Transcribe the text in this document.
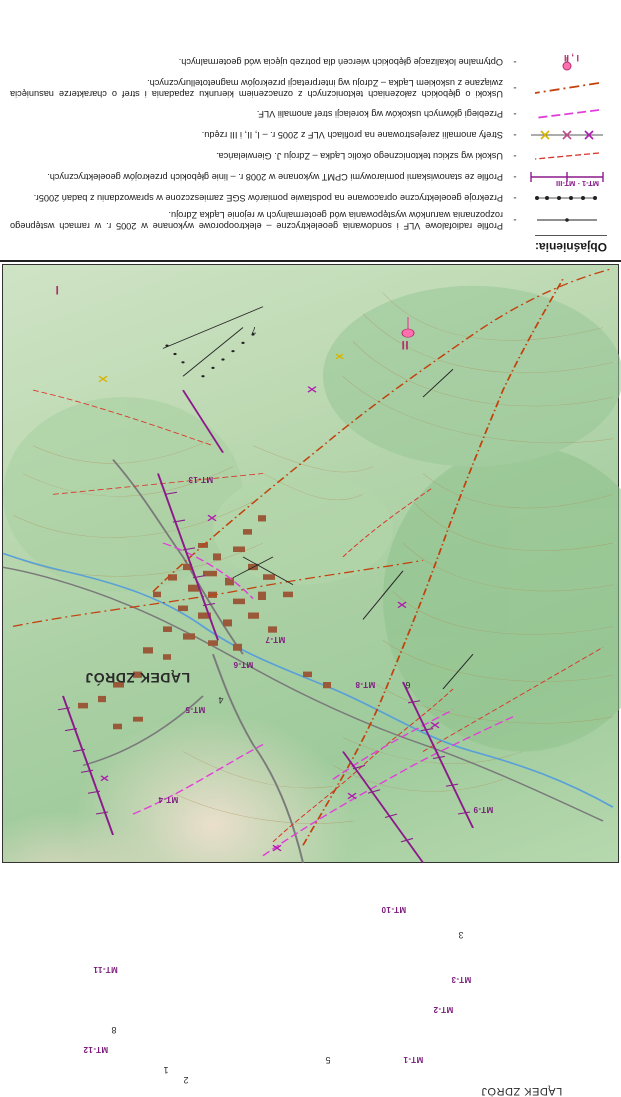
LĄDEK ZDRÓJ
LĄDEK ZDRÓJ
MT-1
MT-2
MT-3
MT-4
MT-5
MT-6
MT-7
MT-8
MT-9
MT-10
MT-11
MT-12
MT-13
I
II
1
2
3
4
5
6
7
8
Objaśnienia:
-
Profile radiofalowe VLF i sondowania geoelektryczne – elektrooporowe wykonane w 2005 r. w ramach wstępnego rozpoznania warunków występowania wód geotermalnych w rejonie Lądka Zdroju.
-
Przekroje geoelektryczne opracowane na podstawie pomiarów SGE zamieszczone w sprawozdaniu z badań 2005r.
MT-1 · MT-III
-
Profile ze stanowiskami pomiarowymi CPMT wykonane w 2008 r. – linie głębokich przekrojów geoelektrycznych.
-
Uskoki wg szkicu tektonicznego okolic Lądka – Zdroju J. Gierwielańca.
-
Strefy anomalii zarejestrowane na profilach VLF z 2005 r. – I, II, i III rzędu.
-
Przebiegi głównych uskoków wg korelacji stref anomalii VLF.
-
Uskoki o głębokich założeniach tektonicznych z oznaczeniem kierunku zapadania i stref o charakterze nasunięcia związane z uskokiem Lądka – Zdroju wg interpretacji przekrojów magnetotellurycznych.
I , II
-
Optymalne lokalizacje głębokich wierceń dla potrzeb ujęcia wód geotermalnych.
